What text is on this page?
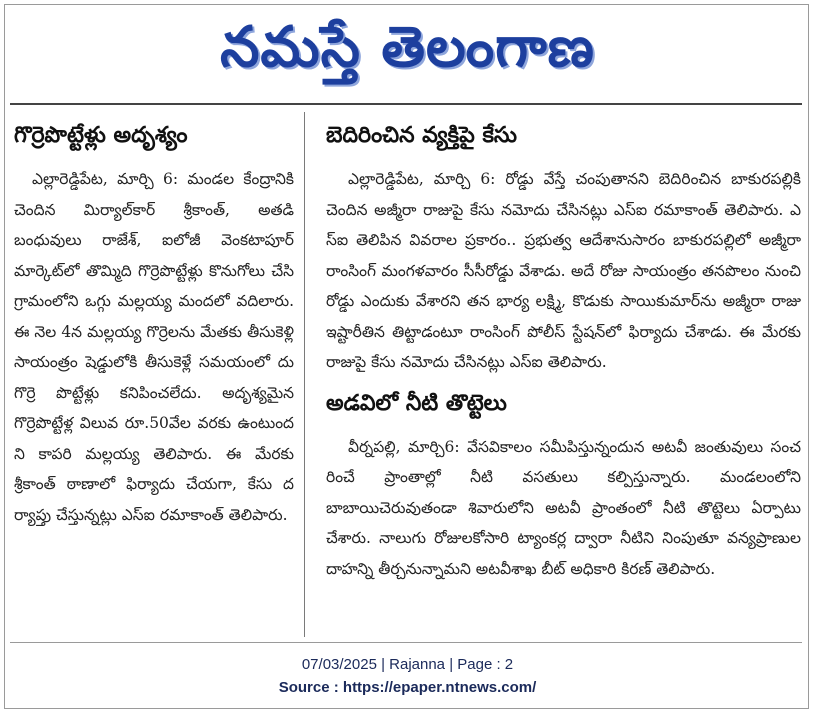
నమస్తే తెలంగాణ
గొర్రెపొట్టేళ్లు అదృశ్యం

ఎల్లారెడ్డిపేట, మార్చి 6: మండల కేంద్రానికి చెందిన మిర్యాల్‌కార్ శ్రీకాంత్, అతడి బంధువులు రాజేశ్, ఐలోజీ వెంకటాపూర్ మార్కెట్‌లో తొమ్మిది గొర్రెపొట్టేళ్లు కొనుగోలు చేసి గ్రామంలోని ఒగ్గు మల్లయ్య మందలో వదిలారు. ఈ నెల 4న మల్లయ్య గొర్రెలను మేతకు తీసుకెళ్లి సాయంత్రం షెడ్డులోకి తీసుకెళ్లే సమయంలో దు గొర్రె పొట్టేళ్లు కనిపించలేదు. అదృశ్యమైన గొర్రెపొట్టేళ్ల విలువ రూ.50వేల వరకు ఉంటుందని కాపరి మల్లయ్య తెలిపారు. ఈ మేరకు శ్రీకాంత్ ఠాణాలో ఫిర్యాదు చేయగా, కేసు దర్యాప్తు చేస్తున్నట్లు ఎస్ఐ రమాకాంత్ తెలిపారు.

బెదిరించిన వ్యక్తిపై కేసు

ఎల్లారెడ్డిపేట, మార్చి 6: రోడ్డు వేస్తే చంపుతానని బెదిరించిన బాకురపల్లికి చెందిన అజ్మీరా రాజుపై కేసు నమోదు చేసినట్లు ఎస్ఐ రమాకాంత్ తెలిపారు. ఎస్ఐ తెలిపిన వివరాల ప్రకారం.. ప్రభుత్వ ఆదేశానుసారం బాకురపల్లిలో అజ్మీరా రాంసింగ్ మంగళవారం సీసీరోడ్డు వేశాడు. అదే రోజు సాయంత్రం తనపొలం నుంచి రోడ్డు ఎందుకు వేశారని తన భార్య లక్ష్మి, కొడుకు సాయికుమార్‌ను అజ్మీరా రాజు ఇష్టారీతిన తిట్టాడంటూ రాంసింగ్ పోలీస్ స్టేషన్‌లో ఫిర్యాదు చేశాడు. ఈ మేరకు రాజుపై కేసు నమోదు చేసినట్లు ఎస్ఐ తెలిపారు.

అడవిలో నీటి తొట్టెలు

వీర్నపల్లి, మార్చి6: వేసవికాలం సమీపిస్తున్నందున అటవీ జంతువులు సంచరించే ప్రాంతాల్లో నీటి వసతులు కల్పిస్తున్నారు. మండలంలోని బాబాయిచెరువుతండా శివారులోని అటవీ ప్రాంతంలో నీటి తొట్టెలు ఏర్పాటు చేశారు. నాలుగు రోజులకోసారి ట్యాంకర్ల ద్వారా నీటిని నింపుతూ వన్యప్రాణుల దాహన్ని తీర్చనున్నామని అటవీశాఖ బీట్ అధికారి కిరణ్ తెలిపారు.

07/03/2025 | Rajanna | Page : 2
Source : https://epaper.ntnews.com/
